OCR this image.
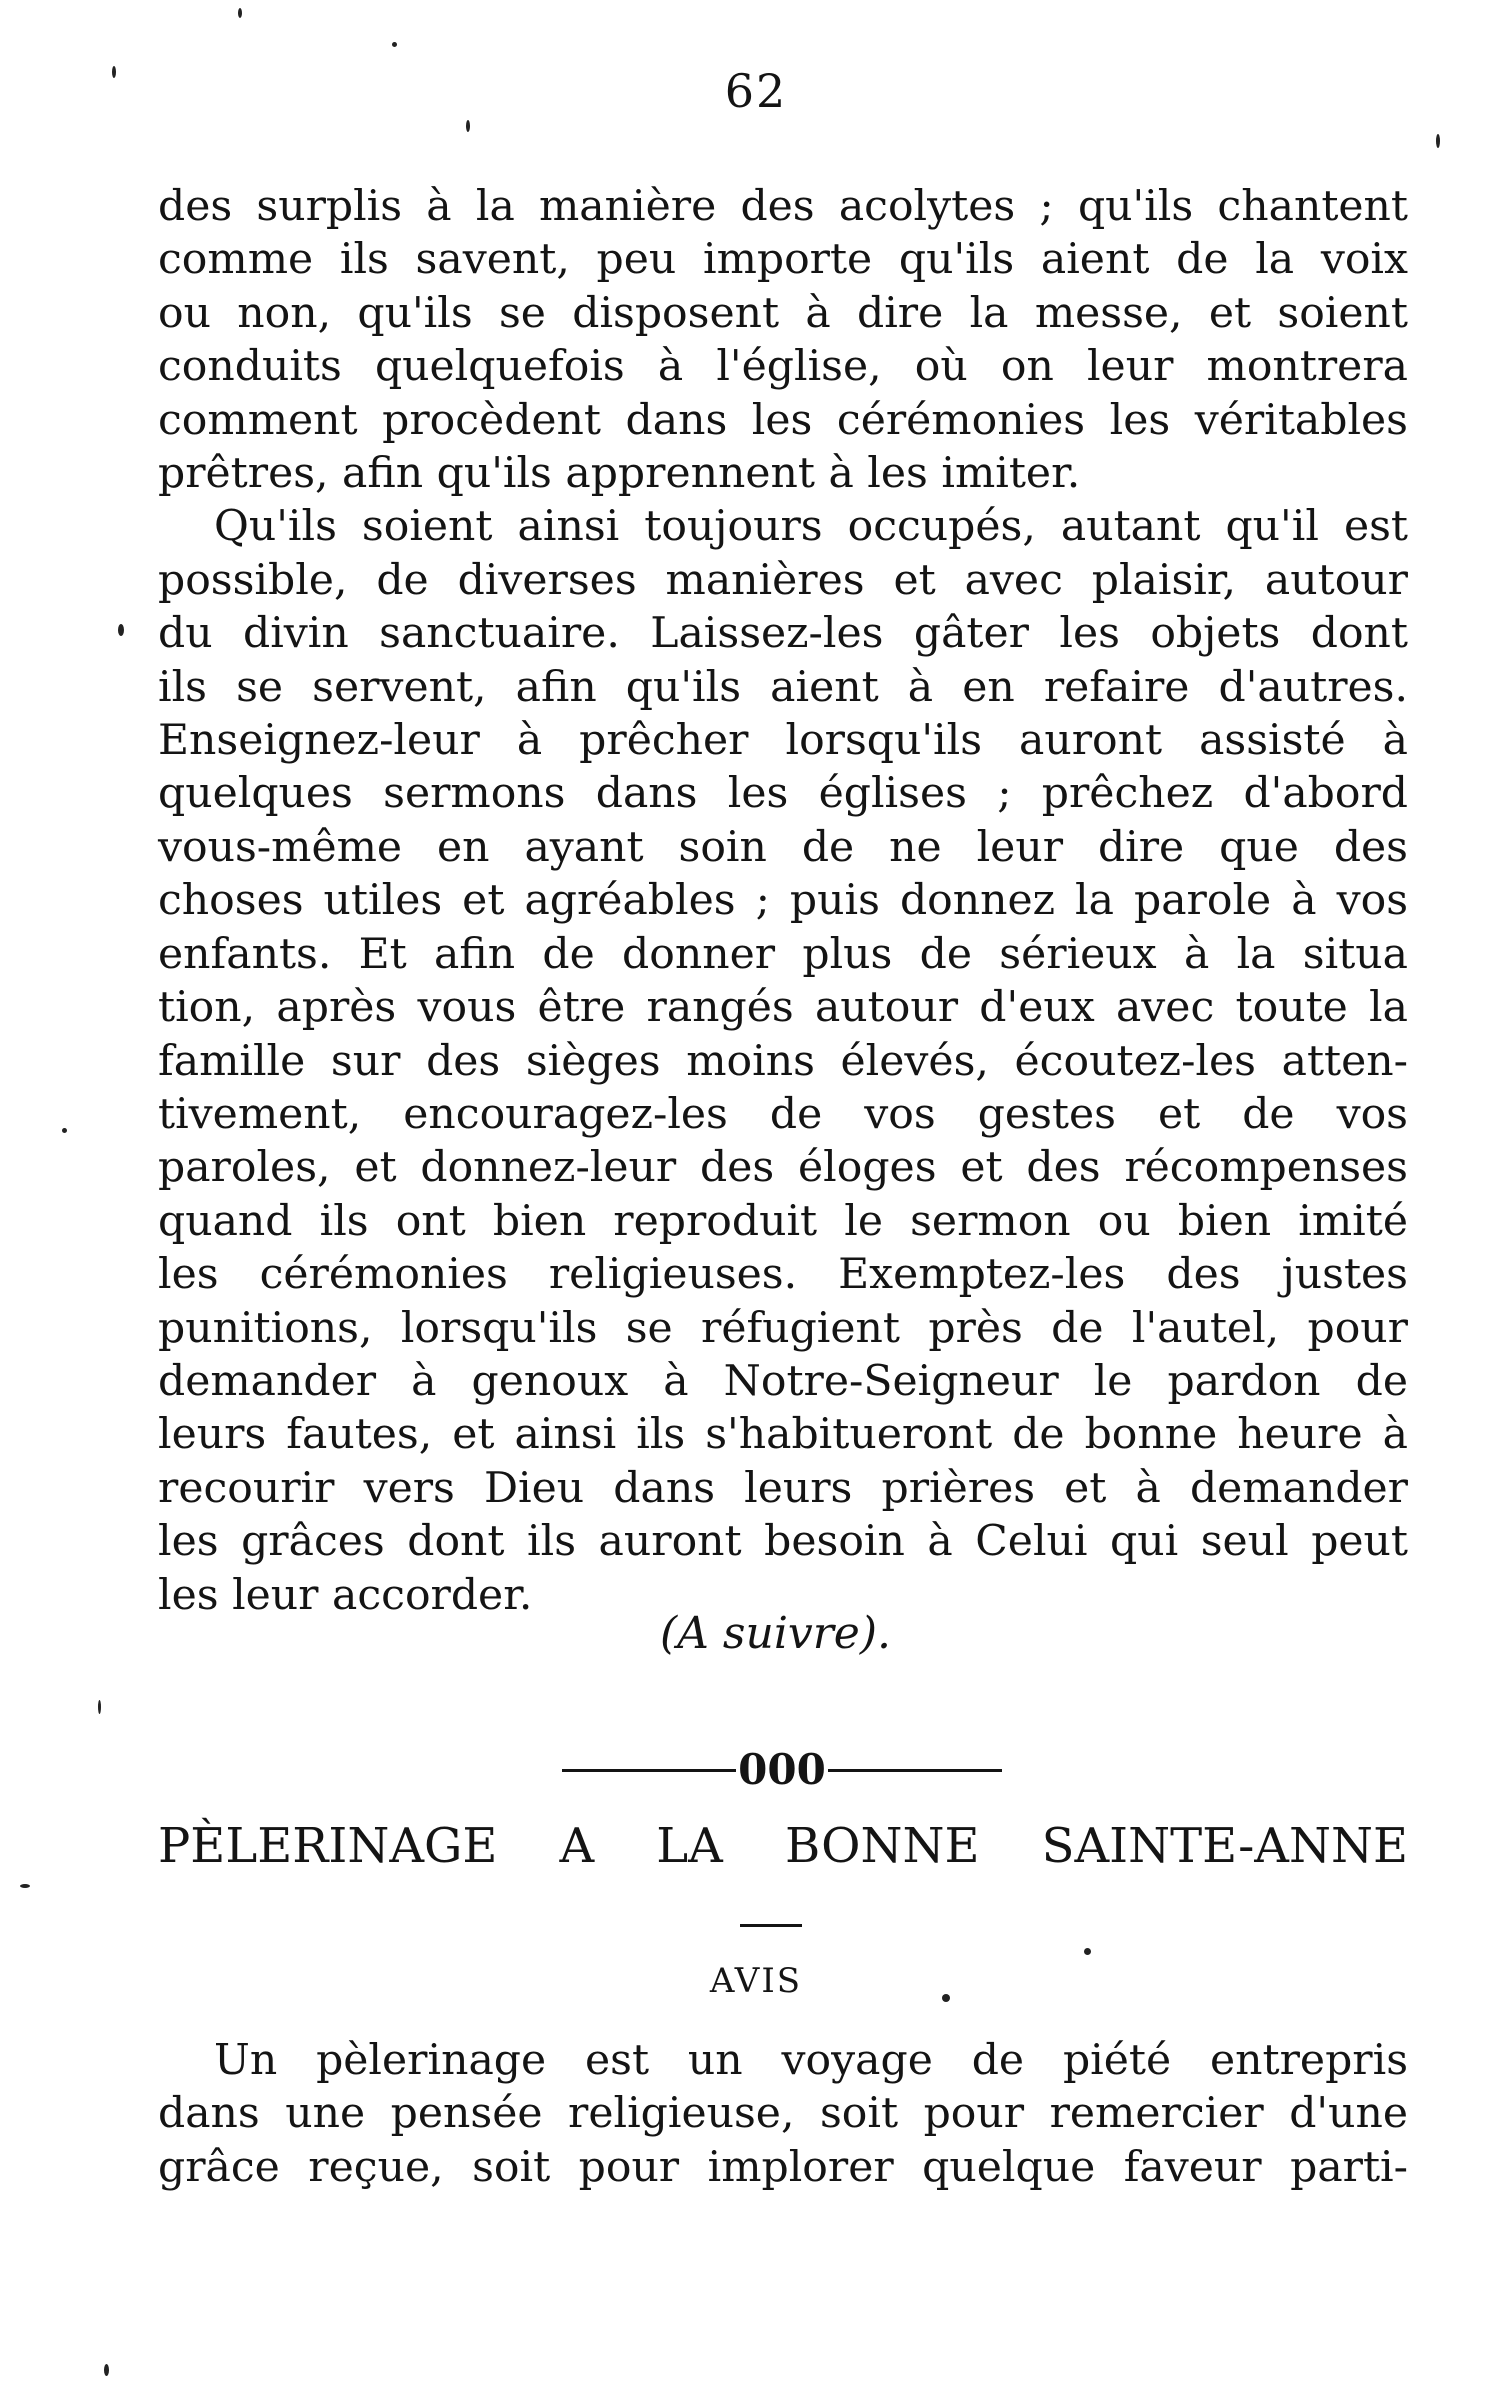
62
des surplis à la manière des acolytes ; qu'ils chantent
comme ils savent, peu importe qu'ils aient de la voix
ou non, qu'ils se disposent à dire la messe, et soient
conduits quelquefois à l'église, où on leur montrera
comment procèdent dans les cérémonies les véritables
prêtres, afin qu'ils apprennent à les imiter.
Qu'ils soient ainsi toujours occupés, autant qu'il est
possible, de diverses manières et avec plaisir, autour
du divin sanctuaire. Laissez-les gâter les objets dont
ils se servent, afin qu'ils aient à en refaire d'autres.
Enseignez-leur à prêcher lorsqu'ils auront assisté à
quelques sermons dans les églises ; prêchez d'abord
vous-même en ayant soin de ne leur dire que des
choses utiles et agréables ; puis donnez la parole à vos
enfants. Et afin de donner plus de sérieux à la situa
tion, après vous être rangés autour d'eux avec toute la
famille sur des sièges moins élevés, écoutez-les atten-
tivement, encouragez-les de vos gestes et de vos
paroles, et donnez-leur des éloges et des récompenses
quand ils ont bien reproduit le sermon ou bien imité
les cérémonies religieuses. Exemptez-les des justes
punitions, lorsqu'ils se réfugient près de l'autel, pour
demander à genoux à Notre-Seigneur le pardon de
leurs fautes, et ainsi ils s'habitueront de bonne heure à
recourir vers Dieu dans leurs prières et à demander
les grâces dont ils auront besoin à Celui qui seul peut
les leur accorder.
(A suivre).
000
PÈLERINAGE A LA BONNE SAINTE-ANNE
AVIS
Un pèlerinage est un voyage de piété entrepris
dans une pensée religieuse, soit pour remercier d'une
grâce reçue, soit pour implorer quelque faveur parti-
